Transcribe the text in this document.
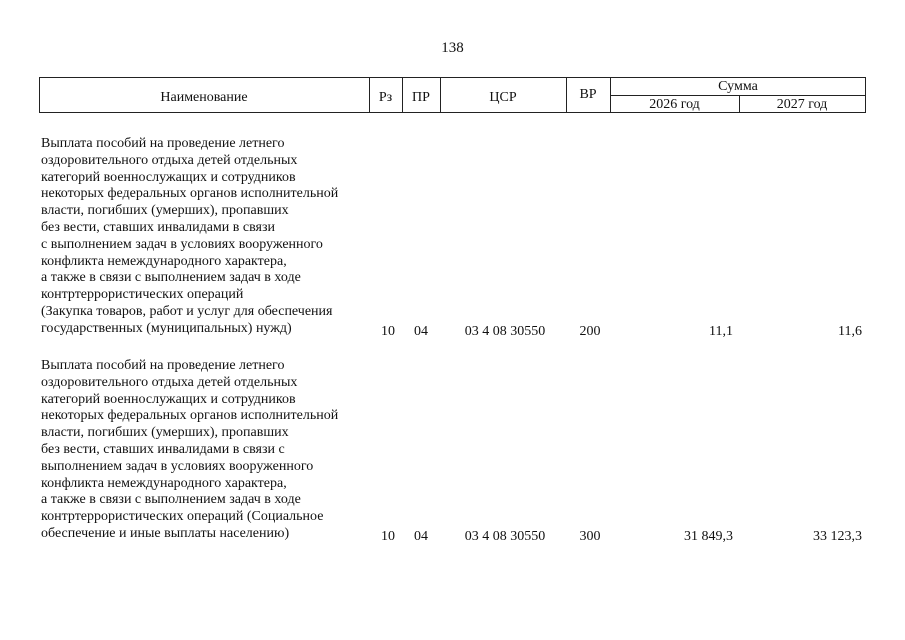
138
Наименование	Рз	ПР	ЦСР	ВР	Сумма
2026 год	2027 год
Выплата пособий на проведение летнего
оздоровительного отдыха детей отдельных
категорий военнослужащих и сотрудников
некоторых федеральных органов исполнительной
власти, погибших (умерших), пропавших
без вести, ставших инвалидами в связи
с выполнением задач в условиях вооруженного
конфликта немеждународного характера,
а также в связи с выполнением задач в ходе
контртеррористических операций
(Закупка товаров, работ и услуг для обеспечения
государственных (муниципальных) нужд)	10	04	03 4 08 30550	200	11,1	11,6
Выплата пособий на проведение летнего
оздоровительного отдыха детей отдельных
категорий военнослужащих и сотрудников
некоторых федеральных органов исполнительной
власти, погибших (умерших), пропавших
без вести, ставших инвалидами в связи с
выполнением задач в условиях вооруженного
конфликта немеждународного характера,
а также в связи с выполнением задач в ходе
контртеррористических операций (Социальное
обеспечение и иные выплаты населению)	10	04	03 4 08 30550	300	31 849,3	33 123,3
